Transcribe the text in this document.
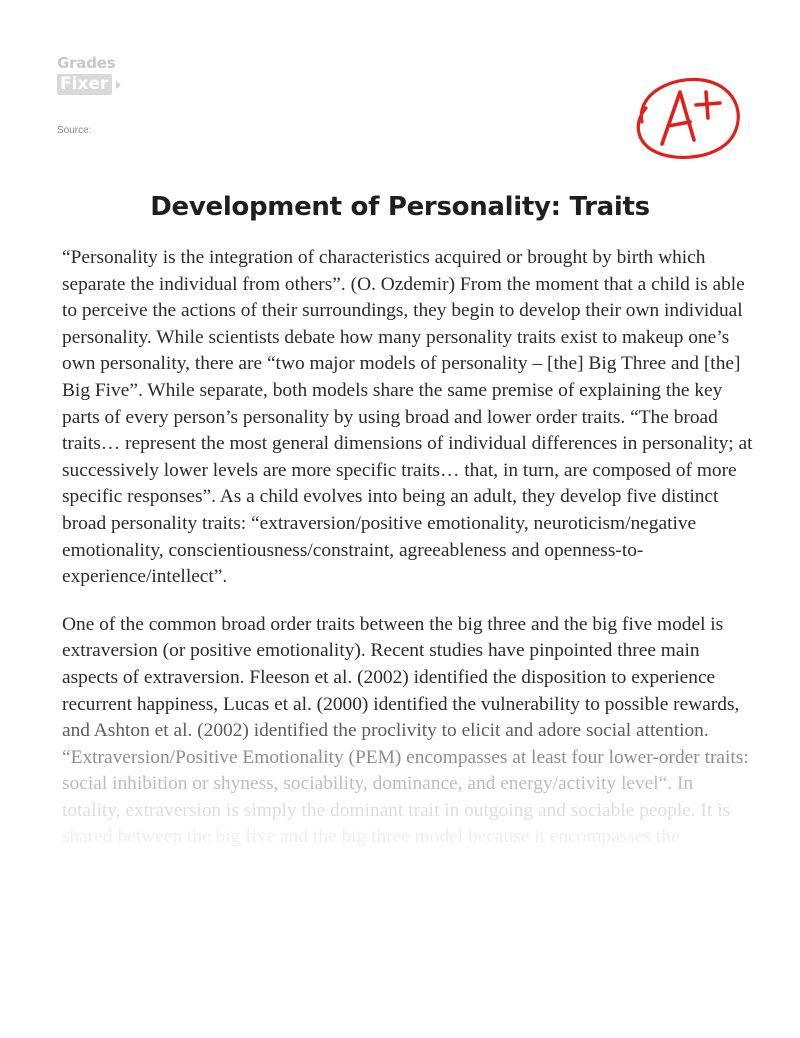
Grades
Fixer
Source:
Development of Personality: Traits

“Personality is the integration of characteristics acquired or brought by birth which
separate the individual from others”. (O. Ozdemir) From the moment that a child is able
to perceive the actions of their surroundings, they begin to develop their own individual
personality. While scientists debate how many personality traits exist to makeup one’s
own personality, there are “two major models of personality – [the] Big Three and [the]
Big Five”. While separate, both models share the same premise of explaining the key
parts of every person’s personality by using broad and lower order traits. “The broad
traits… represent the most general dimensions of individual differences in personality; at
successively lower levels are more specific traits… that, in turn, are composed of more
specific responses”. As a child evolves into being an adult, they develop five distinct
broad personality traits: “extraversion/positive emotionality, neuroticism/negative
emotionality, conscientiousness/constraint, agreeableness and openness-to-
experience/intellect”.

One of the common broad order traits between the big three and the big five model is
extraversion (or positive emotionality). Recent studies have pinpointed three main
aspects of extraversion. Fleeson et al. (2002) identified the disposition to experience
recurrent happiness, Lucas et al. (2000) identified the vulnerability to possible rewards,
and Ashton et al. (2002) identified the proclivity to elicit and adore social attention.
“Extraversion/Positive Emotionality (PEM) encompasses at least four lower-order traits:
social inhibition or shyness, sociability, dominance, and energy/activity level“. In
totality, extraversion is simply the dominant trait in outgoing and sociable people. It is
shared between the big five and the big three model because it encompasses the
